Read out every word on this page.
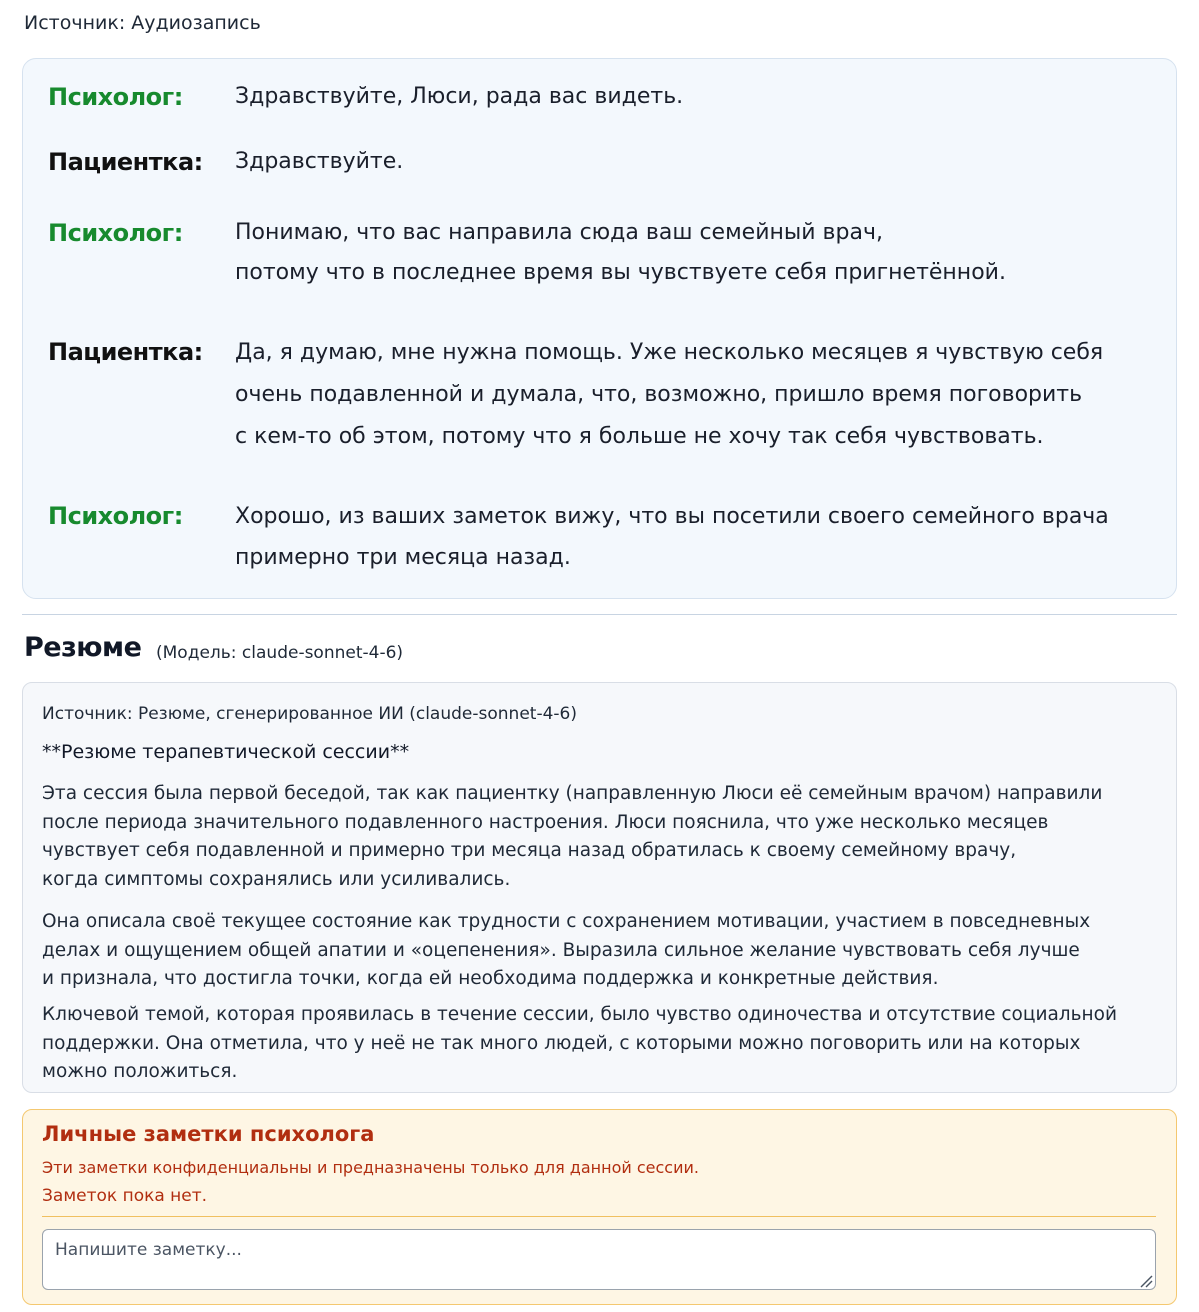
Источник: Аудиозапись
Психолог: Здравствуйте, Люси, рада вас видеть.
Пациентка: Здравствуйте.
Психолог: Понимаю, что вас направила сюда ваш семейный врач,
потому что в последнее время вы чувствуете себя пригнетённой.
Пациентка: Да, я думаю, мне нужна помощь. Уже несколько месяцев я чувствую себя
очень подавленной и думала, что, возможно, пришло время поговорить
с кем-то об этом, потому что я больше не хочу так себя чувствовать.
Психолог: Хорошо, из ваших заметок вижу, что вы посетили своего семейного врача
примерно три месяца назад.
Резюме (Модель: claude-sonnet-4-6)
Источник: Резюме, сгенерированное ИИ (claude-sonnet-4-6)
**Резюме терапевтической сессии**
Эта сессия была первой беседой, так как пациентку (направленную Люси её семейным врачом) направили
после периода значительного подавленного настроения. Люси пояснила, что уже несколько месяцев
чувствует себя подавленной и примерно три месяца назад обратилась к своему семейному врачу,
когда симптомы сохранялись или усиливались.
Она описала своё текущее состояние как трудности с сохранением мотивации, участием в повседневных
делах и ощущением общей апатии и «оцепенения». Выразила сильное желание чувствовать себя лучше
и признала, что достигла точки, когда ей необходима поддержка и конкретные действия.
Ключевой темой, которая проявилась в течение сессии, было чувство одиночества и отсутствие социальной
поддержки. Она отметила, что у неё не так много людей, с которыми можно поговорить или на которых
можно положиться.
Личные заметки психолога
Эти заметки конфиденциальны и предназначены только для данной сессии.
Заметок пока нет.
Напишите заметку...
